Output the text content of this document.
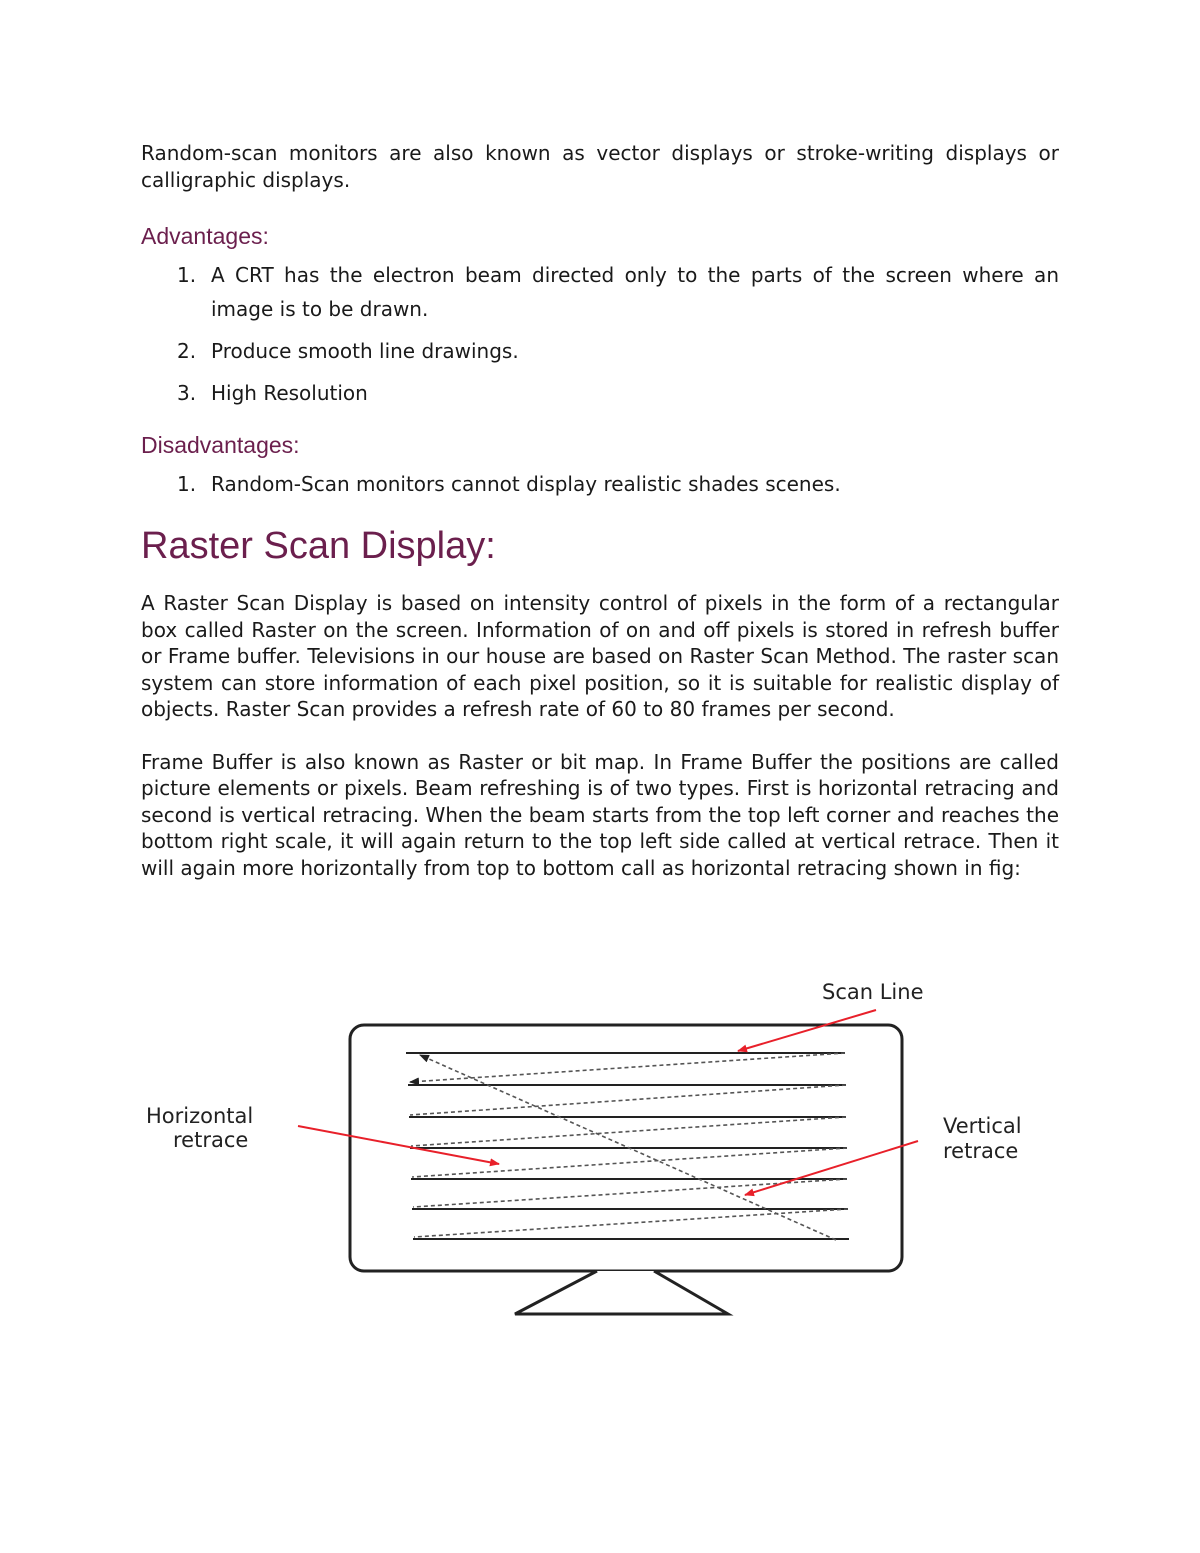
Random-scan monitors are also known as vector displays or stroke-writing displays or calligraphic displays.

Advantages:

1. A CRT has the electron beam directed only to the parts of the screen where an image is to be drawn.
2. Produce smooth line drawings.
3. High Resolution

Disadvantages:

1. Random-Scan monitors cannot display realistic shades scenes.
Raster Scan Display:

A Raster Scan Display is based on intensity control of pixels in the form of a rectangular box called Raster on the screen. Information of on and off pixels is stored in refresh buffer or Frame buffer. Televisions in our house are based on Raster Scan Method. The raster scan system can store information of each pixel position, so it is suitable for realistic display of objects. Raster Scan provides a refresh rate of 60 to 80 frames per second.

Frame Buffer is also known as Raster or bit map. In Frame Buffer the positions are called picture elements or pixels. Beam refreshing is of two types. First is horizontal retracing and second is vertical retracing. When the beam starts from the top left corner and reaches the bottom right scale, it will again return to the top left side called at vertical retrace. Then it will again more horizontally from top to bottom call as horizontal retracing shown in fig:

Scan Line
Horizontal
retrace
Vertical
retrace
